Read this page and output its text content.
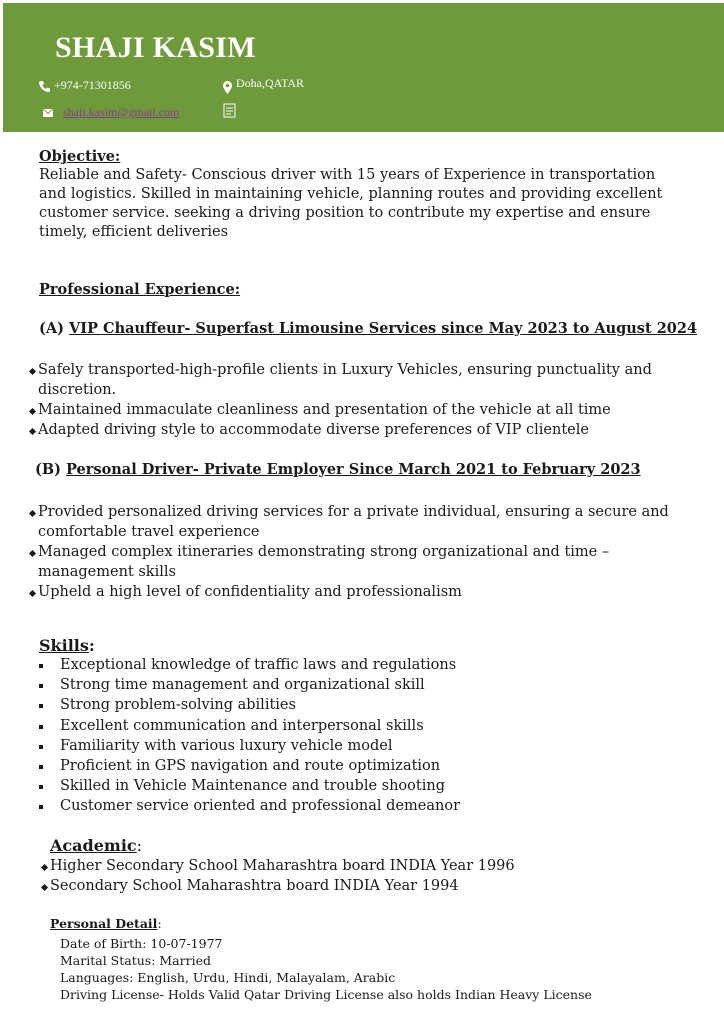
SHAJI KASIM
+974-71301856	Doha,QATAR
shaji.kasim@gmail.com
Objective:

Reliable and Safety- Conscious driver with 15 years of Experience in transportation and logistics. Skilled in maintaining vehicle, planning routes and providing excellent customer service. seeking a driving position to contribute my expertise and ensure timely, efficient deliveries

Professional Experience:
(A) VIP Chauffeur- Superfast Limousine Services since May 2023 to August 2024
Safely transported-high-profile clients in Luxury Vehicles, ensuring punctuality and discretion.
Maintained immaculate cleanliness and presentation of the vehicle at all time
Adapted driving style to accommodate diverse preferences of VIP clientele
(B) Personal Driver- Private Employer Since March 2021 to February 2023
Provided personalized driving services for a private individual, ensuring a secure and comfortable travel experience
Managed complex itineraries demonstrating strong organizational and time –management skills
Upheld a high level of confidentiality and professionalism
Skills:
Exceptional knowledge of traffic laws and regulations
Strong time management and organizational skill
Strong problem-solving abilities
Excellent communication and interpersonal skills
Familiarity with various luxury vehicle model
Proficient in GPS navigation and route optimization
Skilled in Vehicle Maintenance and trouble shooting
Customer service oriented and professional demeanor
Academic:
Higher Secondary School Maharashtra board INDIA Year 1996
Secondary School Maharashtra board INDIA Year 1994
Personal Detail:
Date of Birth: 10-07-1977
Marital Status: Married
Languages: English, Urdu, Hindi, Malayalam, Arabic
Driving License- Holds Valid Qatar Driving License also holds Indian Heavy License
